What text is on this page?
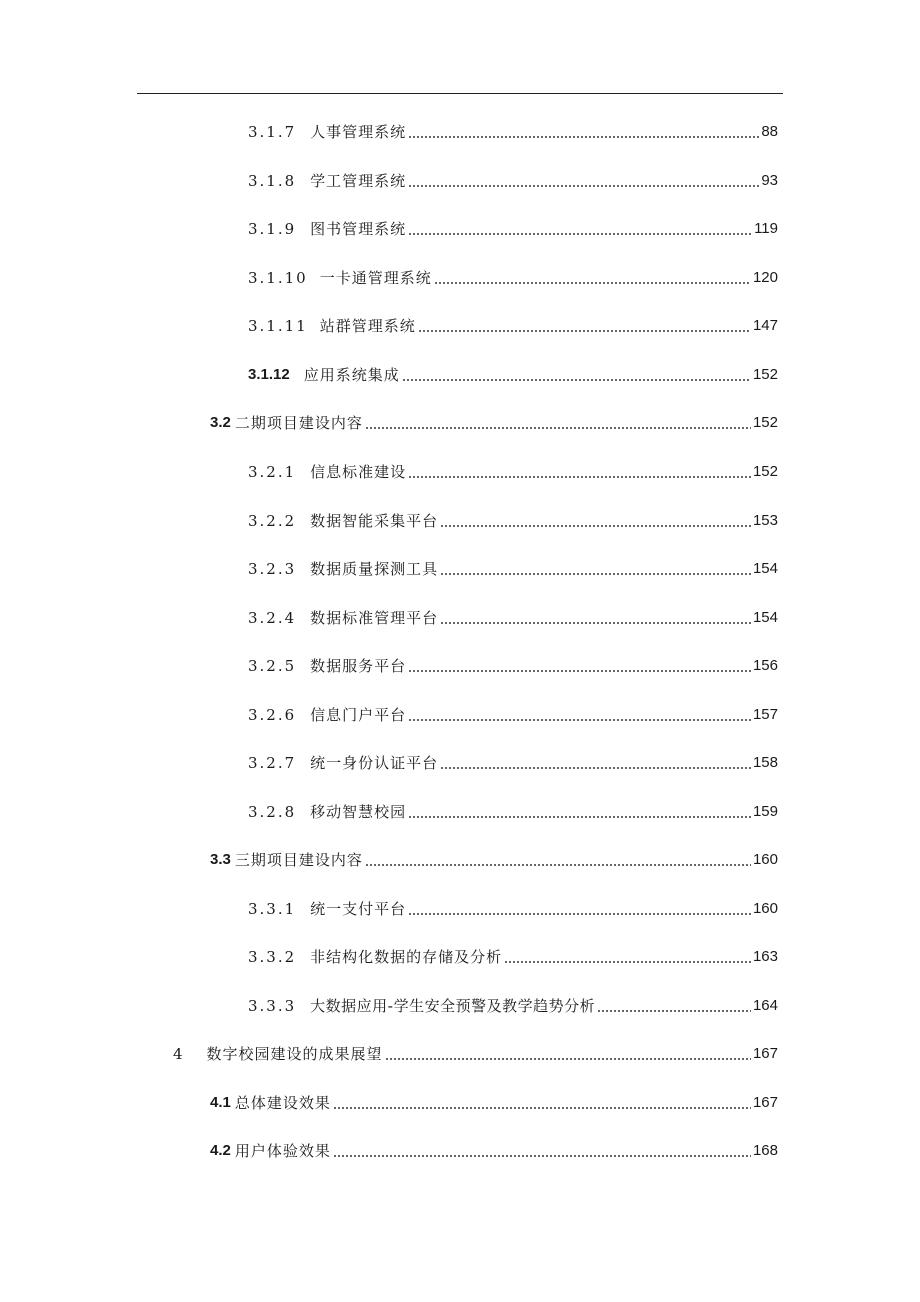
3.1.7 人事管理系统	88
3.1.8 学工管理系统	93
3.1.9 图书管理系统	119
3.1.10 一卡通管理系统	120
3.1.11 站群管理系统	147
3.1.12 应用系统集成	152
3.2 二期项目建设内容	152
3.2.1 信息标准建设	152
3.2.2 数据智能采集平台	153
3.2.3 数据质量探测工具	154
3.2.4 数据标准管理平台	154
3.2.5 数据服务平台	156
3.2.6 信息门户平台	157
3.2.7 统一身份认证平台	158
3.2.8 移动智慧校园	159
3.3 三期项目建设内容	160
3.3.1 统一支付平台	160
3.3.2 非结构化数据的存储及分析	163
3.3.3 大数据应用-学生安全预警及教学趋势分析	164
4 数字校园建设的成果展望	167
4.1 总体建设效果	167
4.2 用户体验效果	168
